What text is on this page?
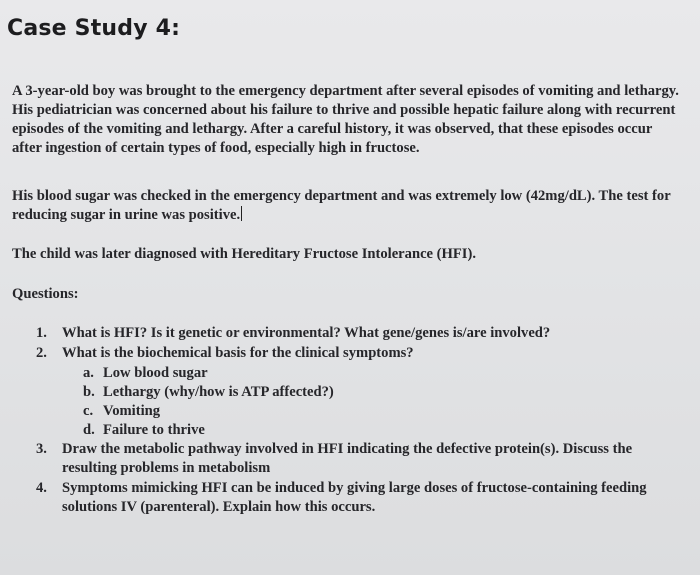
Case Study 4:

A 3-year-old boy was brought to the emergency department after several episodes of vomiting and lethargy. His pediatrician was concerned about his failure to thrive and possible hepatic failure along with recurrent episodes of the vomiting and lethargy. After a careful history, it was observed, that these episodes occur after ingestion of certain types of food, especially high in fructose.

His blood sugar was checked in the emergency department and was extremely low (42mg/dL). The test for reducing sugar in urine was positive.

The child was later diagnosed with Hereditary Fructose Intolerance (HFI).

Questions:

1. What is HFI? Is it genetic or environmental? What gene/genes is/are involved?
2. What is the biochemical basis for the clinical symptoms?
a. Low blood sugar
b. Lethargy (why/how is ATP affected?)
c. Vomiting
d. Failure to thrive
3. Draw the metabolic pathway involved in HFI indicating the defective protein(s). Discuss the resulting problems in metabolism
4. Symptoms mimicking HFI can be induced by giving large doses of fructose-containing feeding solutions IV (parenteral). Explain how this occurs.
